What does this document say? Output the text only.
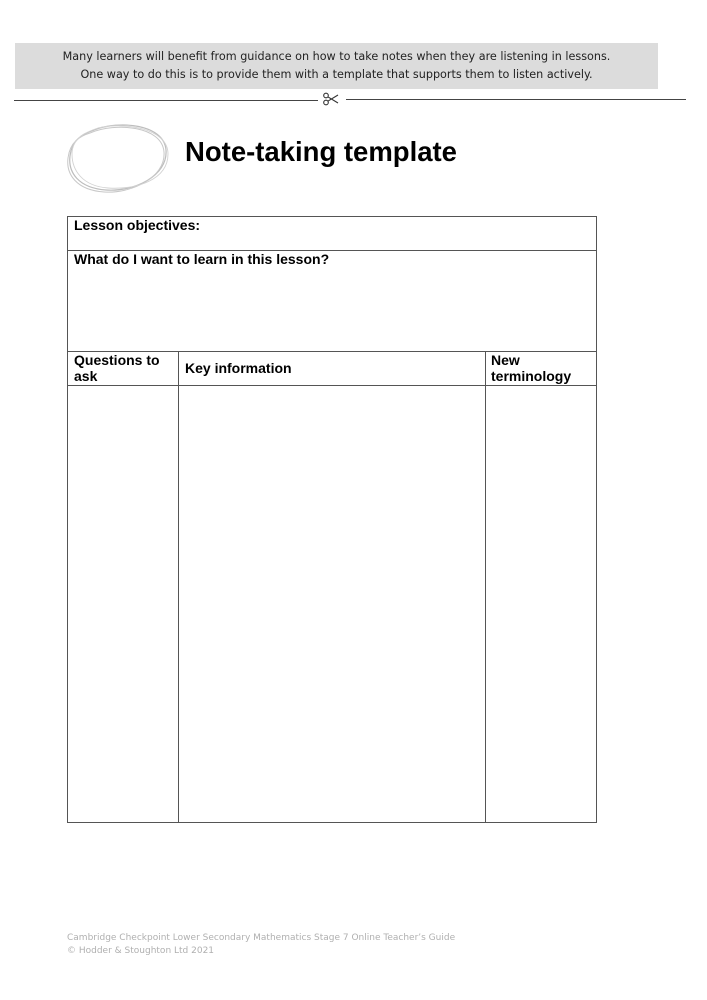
Many learners will benefit from guidance on how to take notes when they are listening in lessons.
One way to do this is to provide them with a template that supports them to listen actively.
Note-taking template
Lesson objectives:
What do I want to learn in this lesson?
Questions to
ask	Key information	New
terminology
Cambridge Checkpoint Lower Secondary Mathematics Stage 7 Online Teacher’s Guide
© Hodder & Stoughton Ltd 2021
